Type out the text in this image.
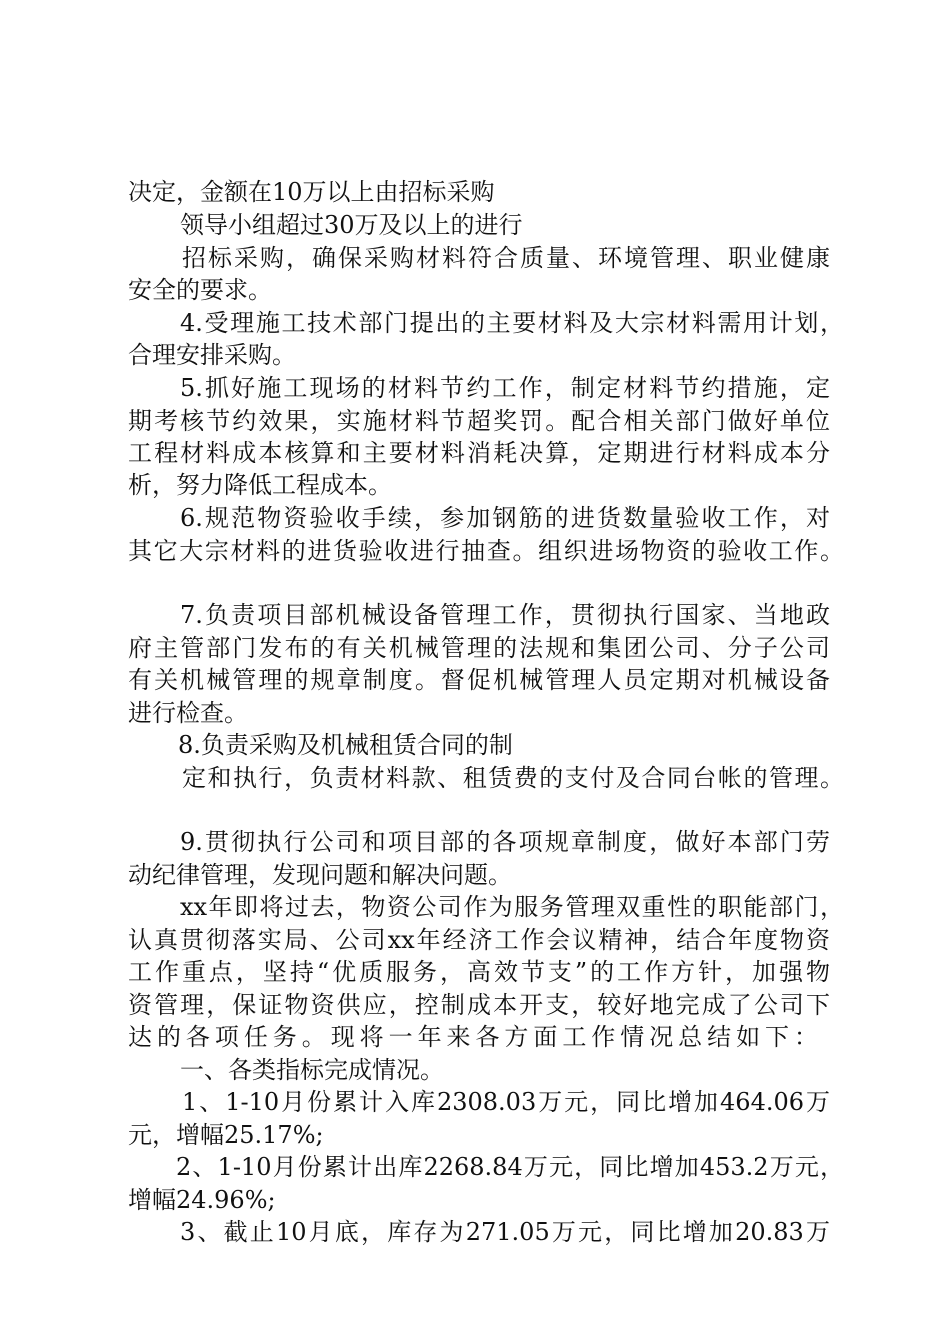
决定，金额在10万以上由招标采购
领导小组超过30万及以上的进行
招标采购，确保采购材料符合质量、环境管理、职业健康
安全的要求。
4.受理施工技术部门提出的主要材料及大宗材料需用计划，
合理安排采购。
5.抓好施工现场的材料节约工作，制定材料节约措施，定
期考核节约效果，实施材料节超奖罚。配合相关部门做好单位
工程材料成本核算和主要材料消耗决算，定期进行材料成本分
析，努力降低工程成本。
6.规范物资验收手续，参加钢筋的进货数量验收工作，对
其它大宗材料的进货验收进行抽查。组织进场物资的验收工作。
7.负责项目部机械设备管理工作，贯彻执行国家、当地政
府主管部门发布的有关机械管理的法规和集团公司、分子公司
有关机械管理的规章制度。督促机械管理人员定期对机械设备
进行检查。
8.负责采购及机械租赁合同的制
定和执行，负责材料款、租赁费的支付及合同台帐的管理。
9.贯彻执行公司和项目部的各项规章制度，做好本部门劳
动纪律管理，发现问题和解决问题。
xx年即将过去，物资公司作为服务管理双重性的职能部门，
认真贯彻落实局、公司xx年经济工作会议精神，结合年度物资
工作重点，坚持“优质服务，高效节支”的工作方针，加强物
资管理，保证物资供应，控制成本开支，较好地完成了公司下
达的各项任务。现将一年来各方面工作情况总结如下：
一、各类指标完成情况。
1、1-10月份累计入库2308.03万元，同比增加464.06万
元，增幅25.17%;
2、1-10月份累计出库2268.84万元，同比增加453.2万元，
增幅24.96%;
3、截止10月底，库存为271.05万元，同比增加20.83万
